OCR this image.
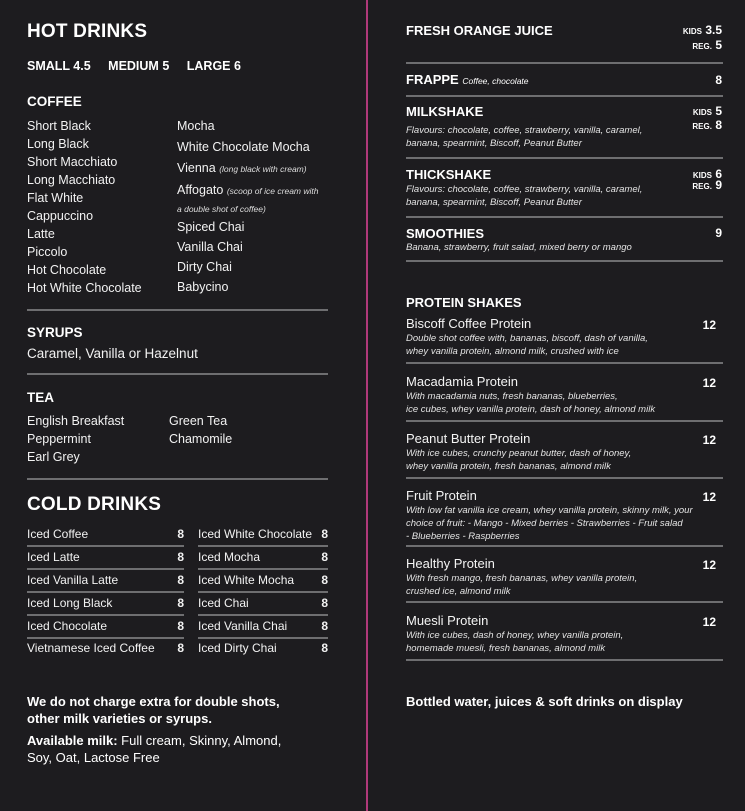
HOT DRINKS
SMALL 4.5 MEDIUM 5 LARGE 6
COFFEE
Short Black
Long Black
Short Macchiato
Long Macchiato
Flat White
Cappuccino
Latte
Piccolo
Hot Chocolate
Hot White Chocolate
Mocha
White Chocolate Mocha
Vienna (long black with cream)
Affogato (scoop of ice cream with
a double shot of coffee)
Spiced Chai
Vanilla Chai
Dirty Chai
Babycino
SYRUPS
Caramel, Vanilla or Hazelnut
TEA
English Breakfast
Peppermint
Earl Grey
Green Tea
Chamomile
COLD DRINKS
Iced Coffee	8
Iced Latte	8
Iced Vanilla Latte	8
Iced Long Black	8
Iced Chocolate	8
Vietnamese Iced Coffee 8
Iced White Chocolate 8
Iced Mocha	8
Iced White Mocha 8
Iced Chai	8
Iced Vanilla Chai	8
Iced Dirty Chai	8
We do not charge extra for double shots,
other milk varieties or syrups.
Available milk: Full cream, Skinny, Almond,
Soy, Oat, Lactose Free
FRESH ORANGE JUICE	KIDS 3.5
REG. 5
FRAPPE Coffee, chocolate	8
MILKSHAKE
Flavours: chocolate, coffee, strawberry, vanilla, caramel,
banana, spearmint, Biscoff, Peanut Butter
KIDS 5
REG. 8
THICKSHAKE
Flavours: chocolate, coffee, strawberry, vanilla, caramel,
banana, spearmint, Biscoff, Peanut Butter
KIDS 6
REG. 9
SMOOTHIES	9
Banana, strawberry, fruit salad, mixed berry or mango
PROTEIN SHAKES
Biscoff Coffee Protein	12
Double shot coffee with, bananas, biscoff, dash of vanilla,
whey vanilla protein, almond milk, crushed with ice
Macadamia Protein	12
With macadamia nuts, fresh bananas, blueberries,
ice cubes, whey vanilla protein, dash of honey, almond milk
Peanut Butter Protein	12
With ice cubes, crunchy peanut butter, dash of honey,
whey vanilla protein, fresh bananas, almond milk
Fruit Protein	12
With low fat vanilla ice cream, whey vanilla protein, skinny milk, your
choice of fruit: - Mango - Mixed berries - Strawberries - Fruit salad
- Blueberries - Raspberries
Healthy Protein	12
With fresh mango, fresh bananas, whey vanilla protein,
crushed ice, almond milk
Muesli Protein	12
With ice cubes, dash of honey, whey vanilla protein,
homemade muesli, fresh bananas, almond milk
Bottled water, juices & soft drinks on display
